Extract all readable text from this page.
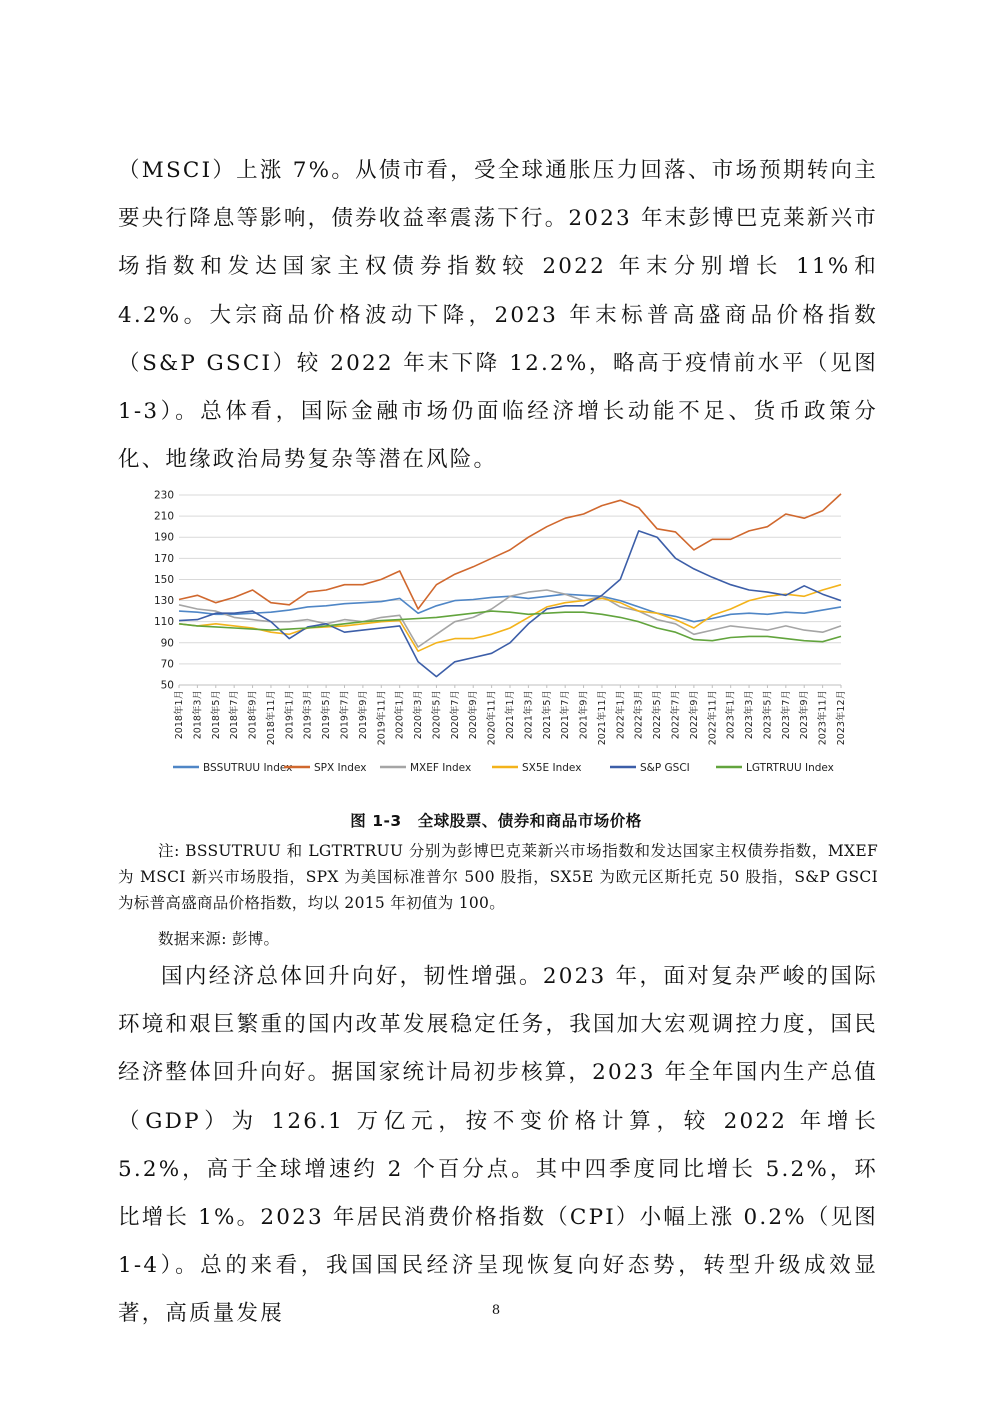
（MSCI）上涨 7%。从债市看，受全球通胀压力回落、市场预期转向主要央行降息等影响，债券收益率震荡下行。2023 年末彭博巴克莱新兴市场指数和发达国家主权债券指数较 2022 年末分别增长 11%和 4.2%。大宗商品价格波动下降，2023 年末标普高盛商品价格指数（S&P GSCI）较 2022 年末下降 12.2%，略高于疫情前水平（见图 1-3）。总体看，国际金融市场仍面临经济增长动能不足、货币政策分化、地缘政治局势复杂等潜在风险。
50
70
90
110
130
150
170
190
210
230
2018年1月 2018年3月 2018年5月 2018年7月 2018年9月 2018年11月 2019年1月 2019年3月 2019年5月 2019年7月 2019年9月 2019年11月 2020年1月 2020年3月 2020年5月 2020年7月 2020年9月 2020年11月 2021年1月 2021年3月 2021年5月 2021年7月 2021年9月 2021年11月 2022年1月 2022年3月 2022年5月 2022年7月 2022年9月 2022年11月 2023年1月 2023年3月 2023年5月 2023年7月 2023年9月 2023年11月 2023年12月
BSSUTRUU Index SPX Index	MXEF Index	SX5E Index	S&P GSCI	LGTRTRUU Index
图 1-3　全球股票、债券和商品市场价格
注: BSSUTRUU 和 LGTRTRUU 分别为彭博巴克莱新兴市场指数和发达国家主权债券指数，MXEF 为 MSCI 新兴市场股指，SPX 为美国标准普尔 500 股指，SX5E 为欧元区斯托克 50 股指，S&P GSCI 为标普高盛商品价格指数，均以 2015 年初值为 100。
数据来源: 彭博。
国内经济总体回升向好，韧性增强。2023 年，面对复杂严峻的国际环境和艰巨繁重的国内改革发展稳定任务，我国加大宏观调控力度，国民经济整体回升向好。据国家统计局初步核算，2023 年全年国内生产总值（GDP）为 126.1 万亿元，按不变价格计算，较 2022 年增长 5.2%，高于全球增速约 2 个百分点。其中四季度同比增长 5.2%，环比增长 1%。2023 年居民消费价格指数（CPI）小幅上涨 0.2%（见图 1-4）。总的来看，我国国民经济呈现恢复向好态势，转型升级成效显著，高质量发展	8
